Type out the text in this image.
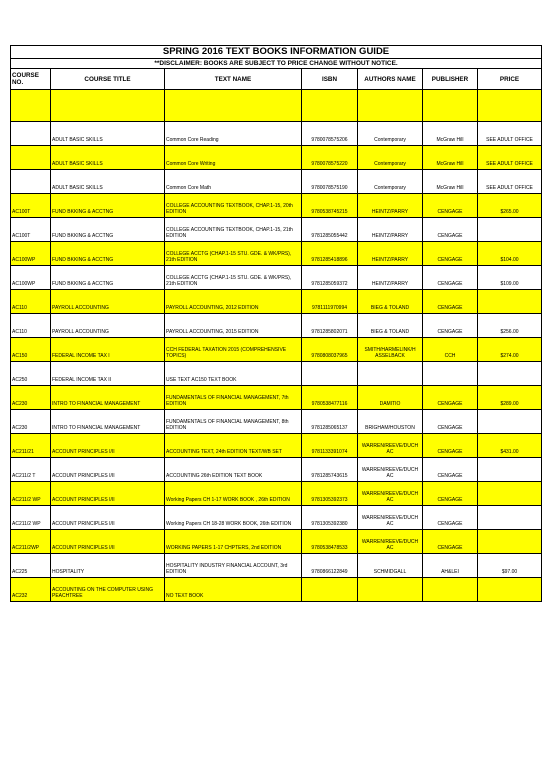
SPRING 2016 TEXT BOOKS INFORMATION GUIDE						
**DISCLAIMER: BOOKS ARE SUBJECT TO PRICE CHANGE WITHOUT NOTICE.						
COURSE NO.	COURSE TITLE	TEXT NAME	ISBN	AUTHORS NAME	PUBLISHER	PRICE

	ADULT BASIC SKILLS	Common Core Reading	9780078575206	Contemporary	McGraw Hill	SEE ADULT OFFICE
	ADULT BASIC SKILLS	Common Core Writing	9780078575220	Contemporary	McGraw Hill	SEE ADULT OFFICE
	ADULT BASIC SKILLS	Common Core Math	9780078575190	Contemporary	McGraw Hill	SEE ADULT OFFICE
AC100T	FUND BKKING & ACCTNG	COLLEGE ACCOUNTING TEXTBOOK, CHAP.1-15, 20th EDITION	9780538745215	HEINTZ/PARRY	CENGAGE	$265.00
AC100T	FUND BKKING & ACCTNG	COLLEGE ACCOUNTING TEXTBOOK, CHAP.1-15, 21th EDITION	9781285055442	HEINTZ/PARRY	CENGAGE	
AC100WP	FUND BKKING & ACCTNG	COLLEGE ACCTG (CHAP.1-15 STU. GDE. & WK/PRS), 21th EDITION	9781285418896	HEINTZ/PARRY	CENGAGE	$104.00
AC100WP	FUND BKKING & ACCTNG	COLLEGE ACCTG (CHAP.1-15 STU. GDE. & WK/PRS), 21th EDITION	9781285059372	HEINTZ/PARRY	CENGAGE	$109.00
AC110	PAYROLL ACCOUNTING	PAYROLL ACCOUNTING, 2012 EDITION	9781111970994	BIEG & TOLAND	CENGAGE	
AC110	PAYROLL ACCOUNTING	PAYROLL ACCOUNTING, 2015 EDITION	9781285802071	BIEG & TOLAND	CENGAGE	$256.00
AC150	FEDERAL INCOME TAX I	CCH FEDERAL TAXATION 2015 (COMPREHENSIVE TOPICS)	9780808037965	SMITH/HARMELINK/H ASSELBACK	CCH	$274.00
AC250	FEDERAL INCOME TAX II	USE TEXT AC150 TEXT BOOK				
AC230	INTRO TO FINANCIAL MANAGEMENT	FUNDAMENTALS OF FINANCIAL MANAGEMENT, 7th EDITION	9780538477116	DAMITIO	CENGAGE	$289.00
AC230	INTRO TO FINANCIAL MANAGEMENT	FUNDAMENTALS OF FINANCIAL MANAGEMENT, 8th EDITION	9781285065137	BRIGHAM/HOUSTON	CENGAGE	
AC211/21	ACCOUNT PRINCIPLES I/II	ACCOUNTING TEXT, 24th EDITION TEXT/WB SET	9781133391074	WARREN/REEVE/DUCH AC	CENGAGE	$431.00
AC211/2 T	ACCOUNT PRINCIPLES I/II	ACCOUNTING 26th EDITION TEXT BOOK	9781285743615	WARREN/REEVE/DUCH AC	CENGAGE	
AC211/2 WP	ACCOUNT PRINCIPLES I/II	Working Papers CH 1-17 WORK BOOK , 26th EDITION	9781305392373	WARREN/REEVE/DUCH AC	CENGAGE	
AC211/2 WP	ACCOUNT PRINCIPLES I/II	Working Papers CH 18-28 WORK BOOK, 26th EDITION	9781305392380	WARREN/REEVE/DUCH AC	CENGAGE	
AC211/2WP	ACCOUNT PRINCIPLES I/II	WORKING PAPERS 1-17 CHPTERS, 2nd EDITION	9780538478533	WARREN/REEVE/DUCH AC	CENGAGE	
AC225	HOSPITALITY	HOSPITALITY INDUSTRY FINANCIAL ACCOUNT, 3rd EDITION	9780866122849	SCHMIDGALL	AH&LEI	$97.00
AC232	ACCOUNTING ON THE COMPUTER USING PEACHTREE	NO TEXT BOOK				
